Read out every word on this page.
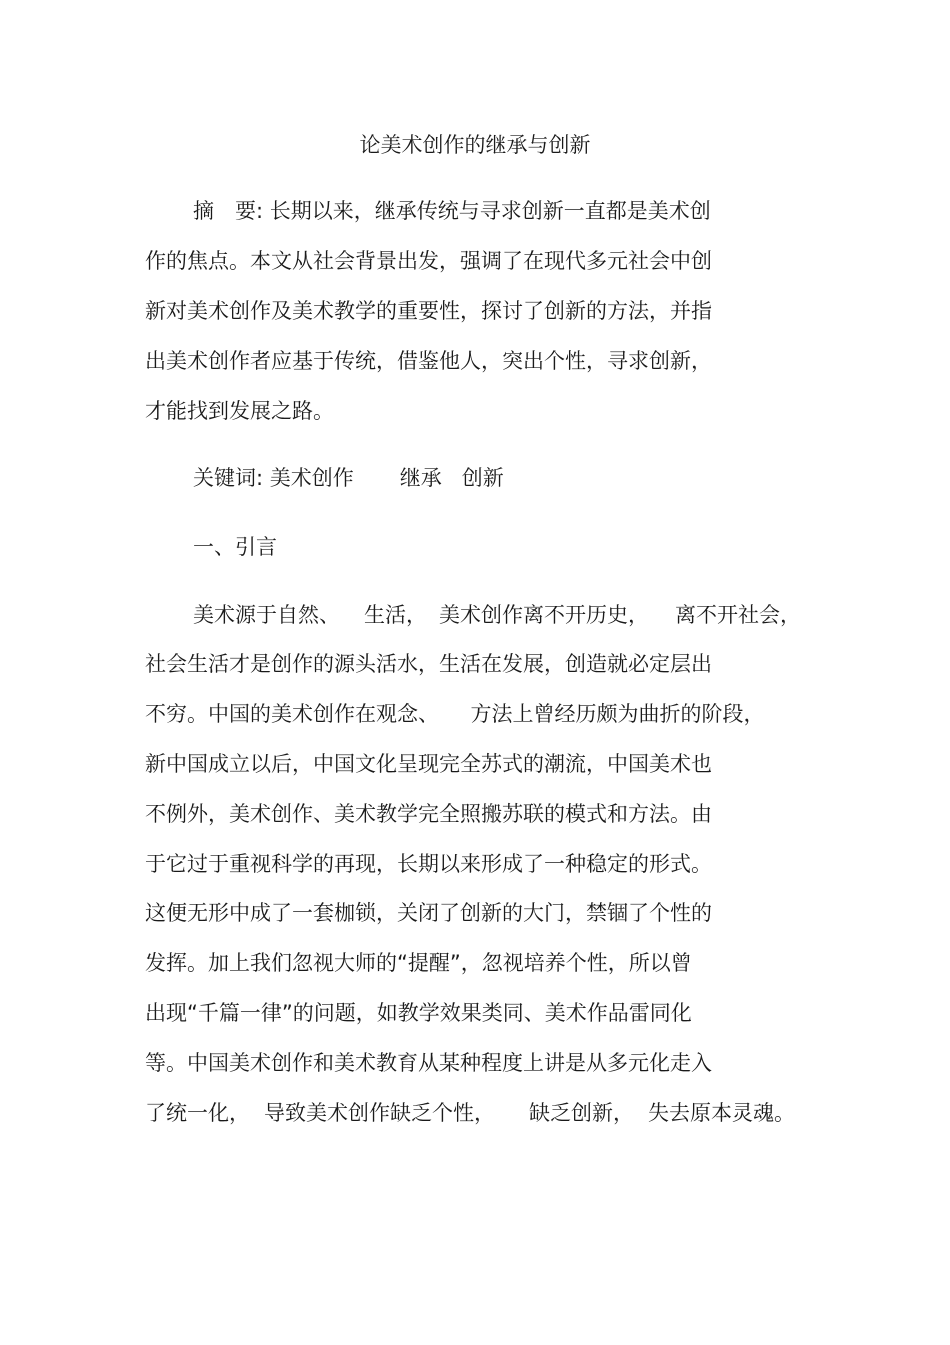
论美术创作的继承与创新
摘　要: 长期以来，继承传统与寻求创新一直都是美术创
作的焦点。本文从社会背景出发，强调了在现代多元社会中创
新对美术创作及美术教学的重要性，探讨了创新的方法，并指
出美术创作者应基于传统，借鉴他人，突出个性，寻求创新，
才能找到发展之路。
关键词: 美术创作 继承 创新
一、引言
美术源于自然、 生活， 美术创作离不开历史， 离不开社会，
社会生活才是创作的源头活水，生活在发展，创造就必定层出
不穷。中国的美术创作在观念、　　方法上曾经历颇为曲折的阶段，
新中国成立以后，中国文化呈现完全苏式的潮流，中国美术也
不例外，美术创作、美术教学完全照搬苏联的模式和方法。由
于它过于重视科学的再现，长期以来形成了一种稳定的形式。
这便无形中成了一套枷锁，关闭了创新的大门，禁锢了个性的
发挥。加上我们忽视大师的“提醒”，忽视培养个性，所以曾
出现“千篇一律”的问题，如教学效果类同、美术作品雷同化
等。中国美术创作和美术教育从某种程度上讲是从多元化走入
了统一化， 导致美术创作缺乏个性， 缺乏创新， 失去原本灵魂。
